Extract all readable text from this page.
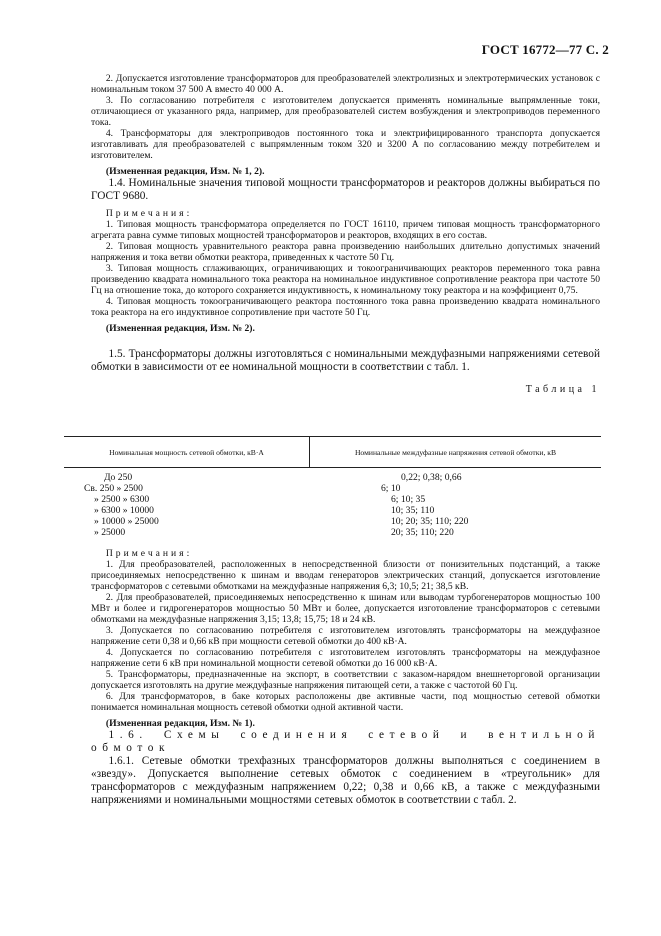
ГОСТ 16772—77 С. 2

2. Допускается изготовление трансформаторов для преобразователей электролизных и электротермических установок с номинальным током 37 500 А вместо 40 000 А.

3. По согласованию потребителя с изготовителем допускается применять номинальные выпрямленные токи, отличающиеся от указанного ряда, например, для преобразователей систем возбуждения и электроприводов переменного тока.

4. Трансформаторы для электроприводов постоянного тока и электрифицированного транспорта допускается изготавливать для преобразователей с выпрямленным током 320 и 3200 А по согласованию между потребителем и изготовителем.

(Измененная редакция, Изм. № 1, 2).

1.4. Номинальные значения типовой мощности трансформаторов и реакторов должны выбираться по ГОСТ 9680.

Примечания:

1. Типовая мощность трансформатора определяется по ГОСТ 16110, причем типовая мощность трансформаторного агрегата равна сумме типовых мощностей трансформаторов и реакторов, входящих в его состав.

2. Типовая мощность уравнительного реактора равна произведению наибольших длительно допустимых значений напряжения и тока ветви обмотки реактора, приведенных к частоте 50 Гц.

3. Типовая мощность сглаживающих, ограничивающих и токоограничивающих реакторов переменного тока равна произведению квадрата номинального тока реактора на номинальное индуктивное сопротивление реактора при частоте 50 Гц на отношение тока, до которого сохраняется индуктивность, к номинальному току реактора и на коэффициент 0,75.

4. Типовая мощность токоограничивающего реактора постоянного тока равна произведению квадрата номинального тока реактора на его индуктивное сопротивление при частоте 50 Гц.

(Измененная редакция, Изм. № 2).

1.5. Трансформаторы должны изготовляться с номинальными междуфазными напряжениями сетевой обмотки в зависимости от ее номинальной мощности в соответствии с табл. 1.

Таблица 1

Номинальная мощность сетевой обмотки, кВ·А	Номинальные междуфазные напряжения сетевой обмотки, кВ
До 250	0,22; 0,38; 0,66
Св. 250 » 2500	6; 10
» 2500 » 6300	6; 10; 35
» 6300 » 10000	10; 35; 110
» 10000 » 25000	10; 20; 35; 110; 220
» 25000	20; 35; 110; 220

Примечания:

1. Для преобразователей, расположенных в непосредственной близости от понизительных подстанций, а также присоединяемых непосредственно к шинам и вводам генераторов электрических станций, допускается изготовление трансформаторов с сетевыми обмотками на междуфазные напряжения 6,3; 10,5; 21; 38,5 кВ.

2. Для преобразователей, присоединяемых непосредственно к шинам или выводам турбогенераторов мощностью 100 МВт и более и гидрогенераторов мощностью 50 МВт и более, допускается изготовление трансформаторов с сетевыми обмотками на междуфазные напряжения 3,15; 13,8; 15,75; 18 и 24 кВ.

3. Допускается по согласованию потребителя с изготовителем изготовлять трансформаторы на междуфазное напряжение сети 0,38 и 0,66 кВ при мощности сетевой обмотки до 400 кВ·А.

4. Допускается по согласованию потребителя с изготовителем изготовлять трансформаторы на междуфазное напряжение сети 6 кВ при номинальной мощности сетевой обмотки до 16 000 кВ·А.

5. Трансформаторы, предназначенные на экспорт, в соответствии с заказом-нарядом внешнеторговой организации допускается изготовлять на другие междуфазные напряжения питающей сети, а также с частотой 60 Гц.

6. Для трансформаторов, в баке которых расположены две активные части, под мощностью сетевой обмотки понимается номинальная мощность сетевой обмотки одной активной части.

(Измененная редакция, Изм. № 1).

1.6. Схемы соединения сетевой и вентильной обмоток

1.6.1. Сетевые обмотки трехфазных трансформаторов должны выполняться с соединением в «звезду». Допускается выполнение сетевых обмоток с соединением в «треугольник» для трансформаторов с междуфазным напряжением 0,22; 0,38 и 0,66 кВ, а также с междуфазными напряжениями и номинальными мощностями сетевых обмоток в соответствии с табл. 2.
